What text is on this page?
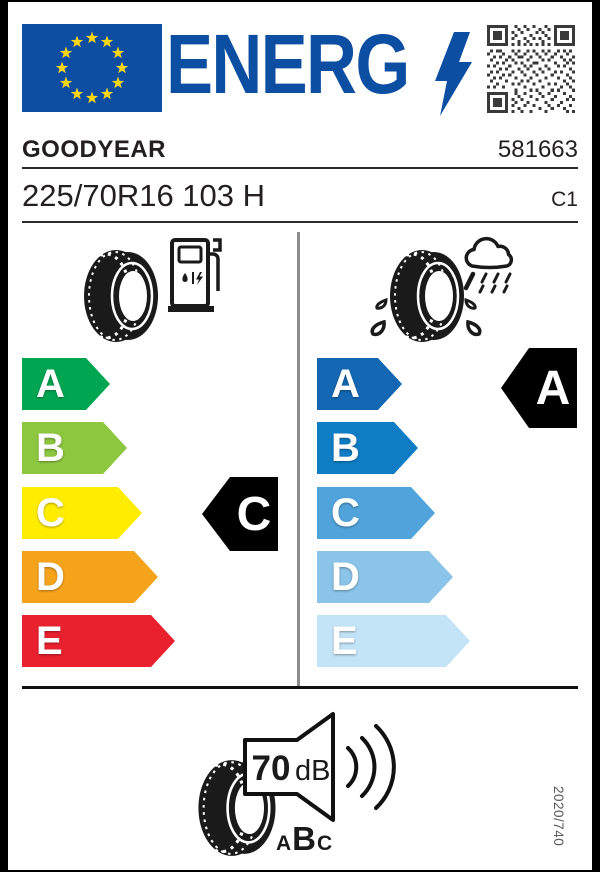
ENERG
GOODYEAR	581663
225/70R16 103 H	C1
A
B
C
D
E
C
A
B
C
D
E
A
70 dB
A B C	2020/740
